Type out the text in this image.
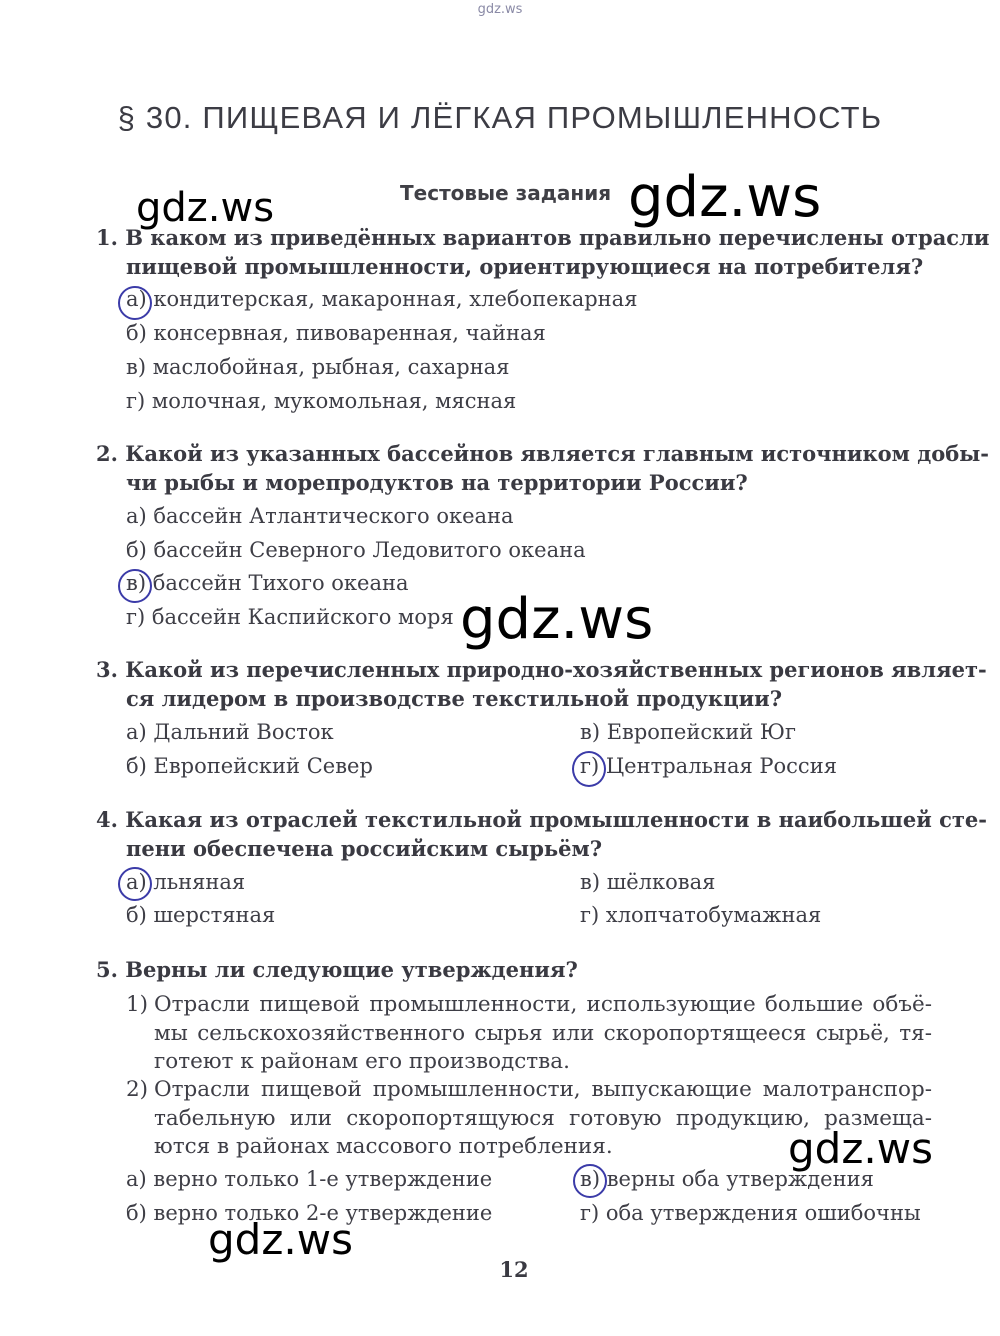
gdz.ws
§ 30. ПИЩЕВАЯ И ЛЁГКАЯ ПРОМЫШЛЕННОСТЬ
Тестовые задания
1. В каком из приведённых вариантов правильно перечислены отрасли
пищевой промышленности, ориентирующиеся на потребителя?
а) кондитерская, макаронная, хлебопекарная
б) консервная, пивоваренная, чайная
в) маслобойная, рыбная, сахарная
г) молочная, мукомольная, мясная
2. Какой из указанных бассейнов является главным источником добы-
чи рыбы и морепродуктов на территории России?
а) бассейн Атлантического океана
б) бассейн Северного Ледовитого океана
в) бассейн Тихого океана
г) бассейн Каспийского моря
3. Какой из перечисленных природно-хозяйственных регионов являет-
ся лидером в производстве текстильной продукции?
а) Дальний Восток
б) Европейский Север
в) Европейский Юг
г) Центральная Россия
4. Какая из отраслей текстильной промышленности в наибольшей сте-
пени обеспечена российским сырьём?
а) льняная
б) шерстяная
в) шёлковая
г) хлопчатобумажная
5. Верны ли следующие утверждения?
1) Отрасли пищевой промышленности, использующие большие объё-
мы сельскохозяйственного сырья или скоропортящееся сырьё, тя-
готеют к районам его производства.
2) Отрасли пищевой промышленности, выпускающие малотранспор-
табельную или скоропортящуюся готовую продукцию, размеща-
ются в районах массового потребления.
а) верно только 1-е утверждение
б) верно только 2-е утверждение
в) верны оба утверждения
г) оба утверждения ошибочны
12
gdz.ws	gdz.ws
gdz.ws
gdz.ws
gdz.ws
